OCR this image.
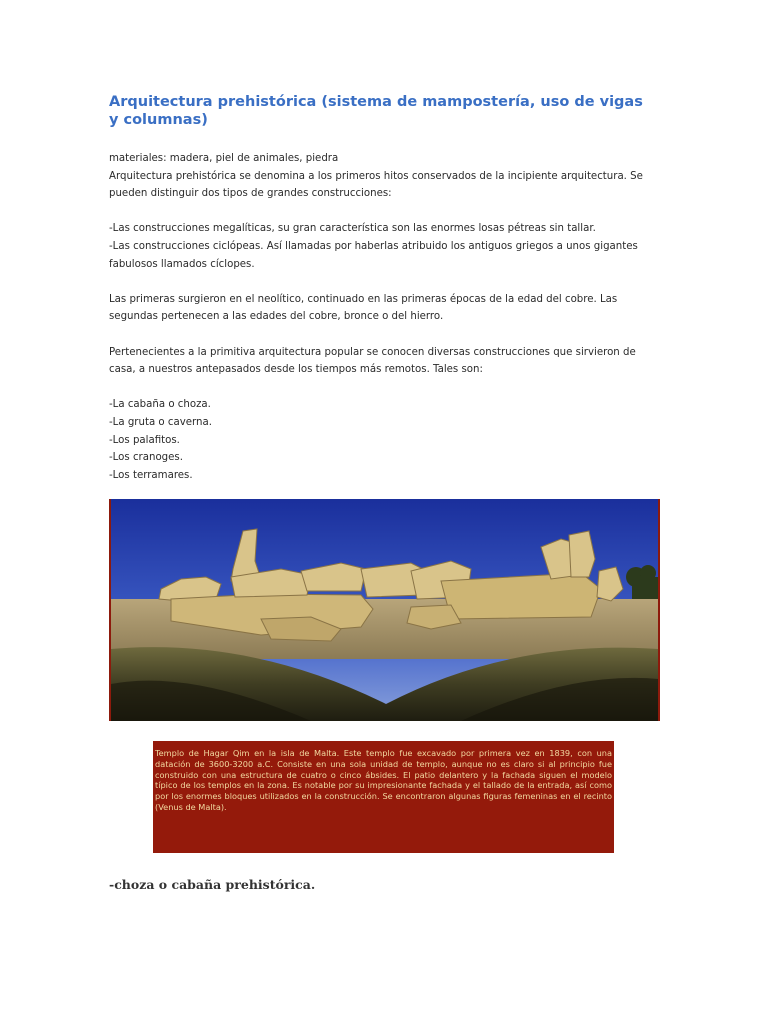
Arquitectura prehistórica (sistema de mampostería, uso de vigas y columnas)

materiales: madera, piel de animales, piedra

Arquitectura prehistórica se denomina a los primeros hitos conservados de la incipiente arquitectura. Se pueden distinguir dos tipos de grandes construcciones:

-Las construcciones megalíticas, su gran característica son las enormes losas pétreas sin tallar.

-Las construcciones ciclópeas. Así llamadas por haberlas atribuido los antiguos griegos a unos gigantes fabulosos llamados cíclopes.

Las primeras surgieron en el neolítico, continuado en las primeras épocas de la edad del cobre. Las segundas pertenecen a las edades del cobre, bronce o del hierro.

Pertenecientes a la primitiva arquitectura popular se conocen diversas construcciones que sirvieron de casa, a nuestros antepasados desde los tiempos más remotos. Tales son:

-La cabaña o choza.

-La gruta o caverna.

-Los palafitos.

-Los cranoges.

-Los terramares.

Templo de Hagar Qim en la isla de Malta. Este templo fue excavado por primera vez en 1839, con una datación de 3600-3200 a.C. Consiste en una sola unidad de templo, aunque no es claro si al principio fue construido con una estructura de cuatro o cinco ábsides. El patio delantero y la fachada siguen el modelo típico de los templos en la zona. Es notable por su impresionante fachada y el tallado de la entrada, así como por los enormes bloques utilizados en la construcción. Se encontraron algunas figuras femeninas en el recinto (Venus de Malta).

-choza o cabaña prehistórica.
